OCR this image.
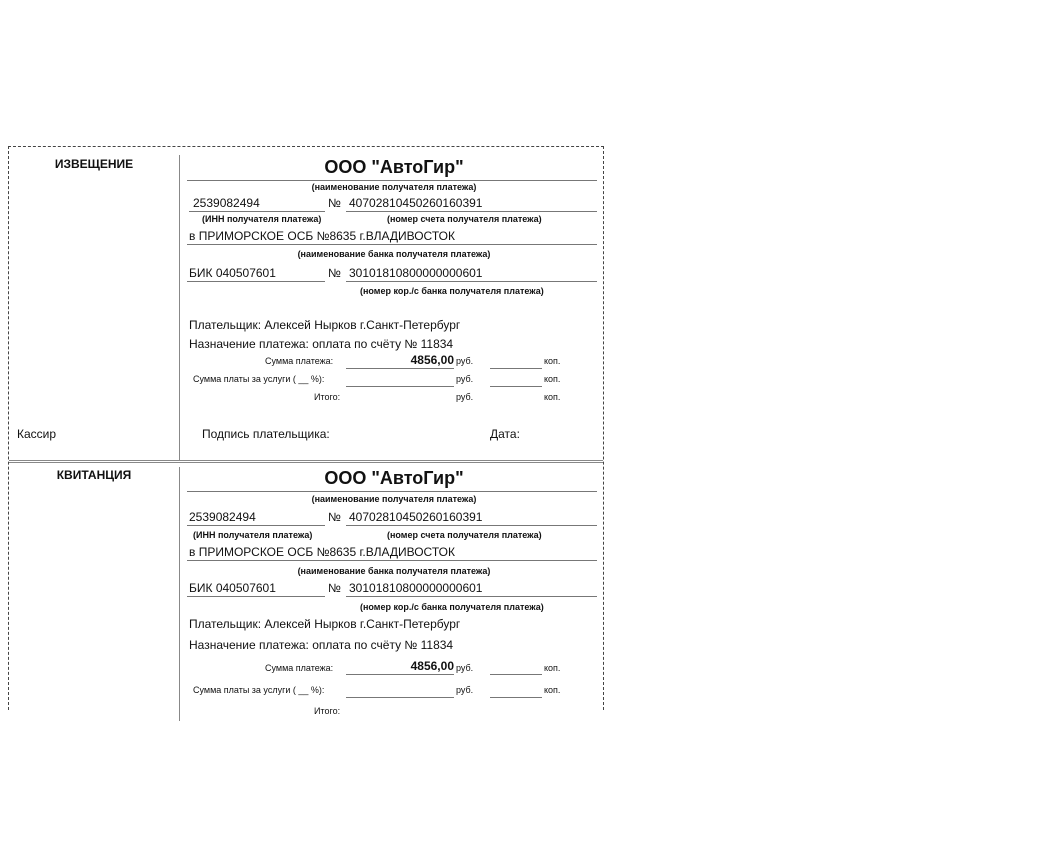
ИЗВЕЩЕНИЕ	ООО "АвтоГир"
(наименование получателя платежа)
2539082494	№ 40702810450260160391
(ИНН получателя платежа)	(номер счета получателя платежа)
в ПРИМОРСКОЕ ОСБ №8635 г.ВЛАДИВОСТОК
(наименование банка получателя платежа)
БИК 040507601	№ 30101810800000000601
(номер кор./с банка получателя платежа)
Плательщик: Алексей Нырков г.Санкт-Петербург
Назначение платежа: оплата по счёту № 11834
Сумма платежа:	4856,00 руб.	коп.
Сумма платы за услуги ( __ %):	руб.	коп.
Итого:	руб.	коп.
Кассир	Подпись плательщика:	Дата:
КВИТАНЦИЯ	ООО "АвтоГир"
(наименование получателя платежа)
2539082494	№ 40702810450260160391
(ИНН получателя платежа)	(номер счета получателя платежа)
в ПРИМОРСКОЕ ОСБ №8635 г.ВЛАДИВОСТОК
(наименование банка получателя платежа)
БИК 040507601	№ 30101810800000000601
(номер кор./с банка получателя платежа)
Плательщик: Алексей Нырков г.Санкт-Петербург
Назначение платежа: оплата по счёту № 11834
Сумма платежа:	4856,00 руб.	коп.
Сумма платы за услуги ( __ %):	руб.	коп.
Итого:
